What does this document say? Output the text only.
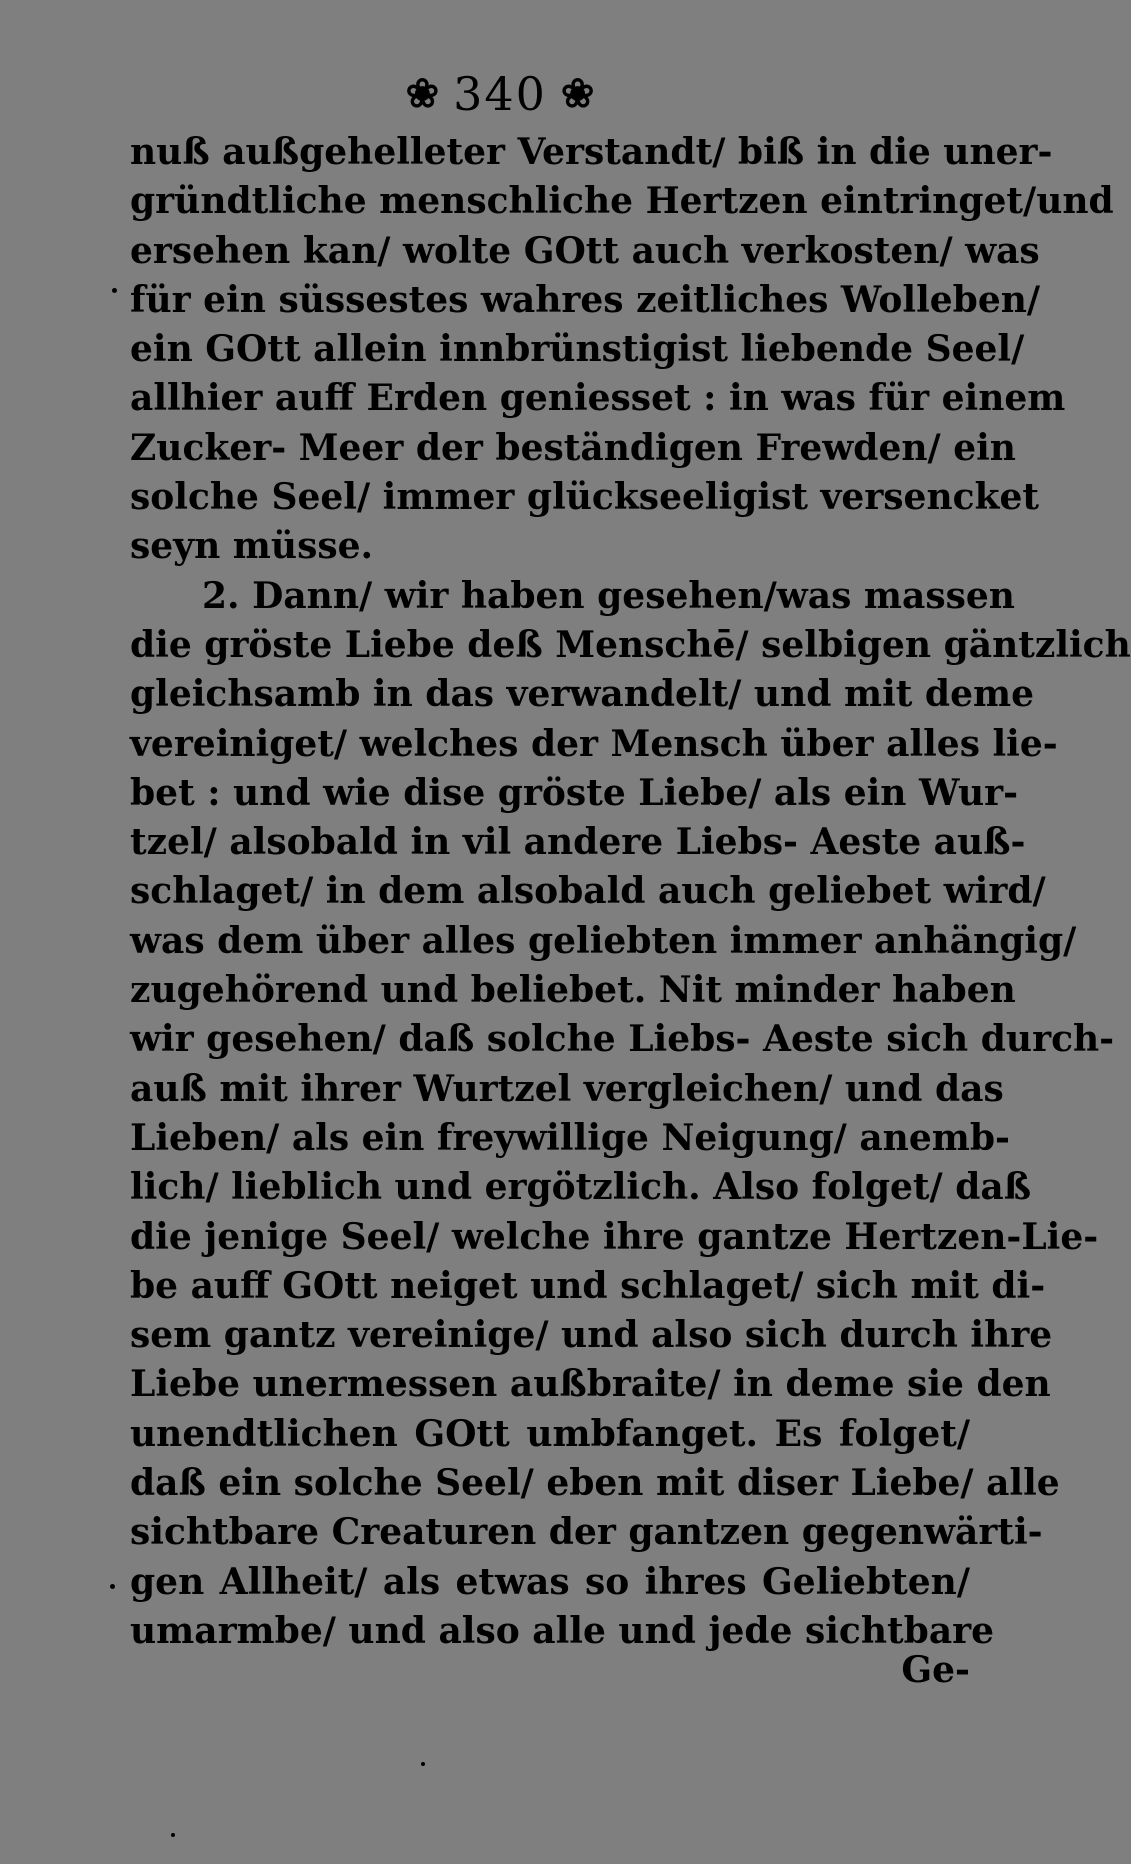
❀ 340 ❀
nuß außgehelleter Verstandt/ biß in die uner-
gründtliche menschliche Hertzen eintringet/und
ersehen kan/ wolte GOtt auch verkosten/ was
für ein süssestes wahres zeitliches Wolleben/
ein GOtt allein innbrünstigist liebende Seel/
allhier auff Erden geniesset : in was für einem
Zucker- Meer der beständigen Frewden/ ein
solche Seel/ immer glückseeligist versencket
seyn müsse.
2. Dann/ wir haben gesehen/was massen
die gröste Liebe deß Menschē/ selbigen gäntzlich
gleichsamb in das verwandelt/ und mit deme
vereiniget/ welches der Mensch über alles lie-
bet : und wie dise gröste Liebe/ als ein Wur-
tzel/ alsobald in vil andere Liebs- Aeste auß-
schlaget/ in dem alsobald auch geliebet wird/
was dem über alles geliebten immer anhängig/
zugehörend und beliebet. Nit minder haben
wir gesehen/ daß solche Liebs- Aeste sich durch-
auß mit ihrer Wurtzel vergleichen/ und das
Lieben/ als ein freywillige Neigung/ anemb-
lich/ lieblich und ergötzlich. Also folget/ daß
die jenige Seel/ welche ihre gantze Hertzen-Lie-
be auff GOtt neiget und schlaget/ sich mit di-
sem gantz vereinige/ und also sich durch ihre
Liebe unermessen außbraite/ in deme sie den
unendtlichen GOtt umbfanget. Es folget/
daß ein solche Seel/ eben mit diser Liebe/ alle
sichtbare Creaturen der gantzen gegenwärti-
gen Allheit/ als etwas so ihres Geliebten/
umarmbe/ und also alle und jede sichtbare
Ge-
